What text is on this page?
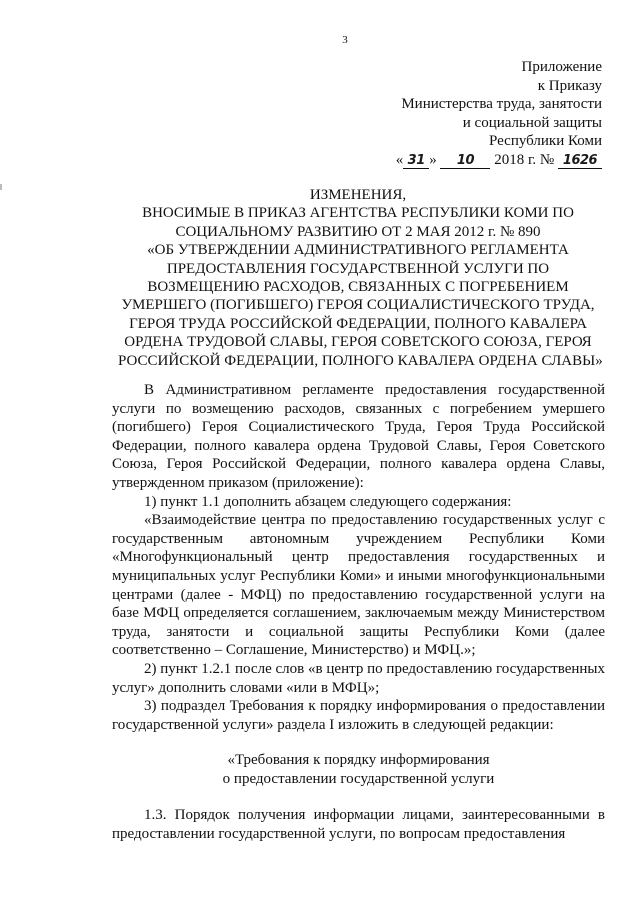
3
Приложение
к Приказу
Министерства труда, занятости
и социальной защиты
Республики Коми
« 31 » 10 2018 г. № 1626
ИЗМЕНЕНИЯ,
ВНОСИМЫЕ В ПРИКАЗ АГЕНТСТВА РЕСПУБЛИКИ КОМИ ПО
СОЦИАЛЬНОМУ РАЗВИТИЮ ОТ 2 МАЯ 2012 г. № 890
«ОБ УТВЕРЖДЕНИИ АДМИНИСТРАТИВНОГО РЕГЛАМЕНТА
ПРЕДОСТАВЛЕНИЯ ГОСУДАРСТВЕННОЙ УСЛУГИ ПО
ВОЗМЕЩЕНИЮ РАСХОДОВ, СВЯЗАННЫХ С ПОГРЕБЕНИЕМ
УМЕРШЕГО (ПОГИБШЕГО) ГЕРОЯ СОЦИАЛИСТИЧЕСКОГО ТРУДА,
ГЕРОЯ ТРУДА РОССИЙСКОЙ ФЕДЕРАЦИИ, ПОЛНОГО КАВАЛЕРА
ОРДЕНА ТРУДОВОЙ СЛАВЫ, ГЕРОЯ СОВЕТСКОГО СОЮЗА, ГЕРОЯ
РОССИЙСКОЙ ФЕДЕРАЦИИ, ПОЛНОГО КАВАЛЕРА ОРДЕНА СЛАВЫ»

В Административном регламенте предоставления государственной услуги по возмещению расходов, связанных с погребением умершего (погибшего) Героя Социалистического Труда, Героя Труда Российской Федерации, полного кавалера ордена Трудовой Славы, Героя Советского Союза, Героя Российской Федерации, полного кавалера ордена Славы, утвержденном приказом (приложение):

1) пункт 1.1 дополнить абзацем следующего содержания:

«Взаимодействие центра по предоставлению государственных услуг с государственным автономным учреждением Республики Коми «Многофункциональный центр предоставления государственных и муниципальных услуг Республики Коми» и иными многофункциональными центрами (далее - МФЦ) по предоставлению государственной услуги на базе МФЦ определяется соглашением, заключаемым между Министерством труда, занятости и социальной защиты Республики Коми (далее соответственно – Соглашение, Министерство) и МФЦ.»;

2) пункт 1.2.1 после слов «в центр по предоставлению государственных услуг» дополнить словами «или в МФЦ»;

3) подраздел Требования к порядку информирования о предоставлении государственной услуги» раздела I изложить в следующей редакции:

«Требования к порядку информирования
о предоставлении государственной услуги

1.3. Порядок получения информации лицами, заинтересованными в предоставлении государственной услуги, по вопросам предоставления
